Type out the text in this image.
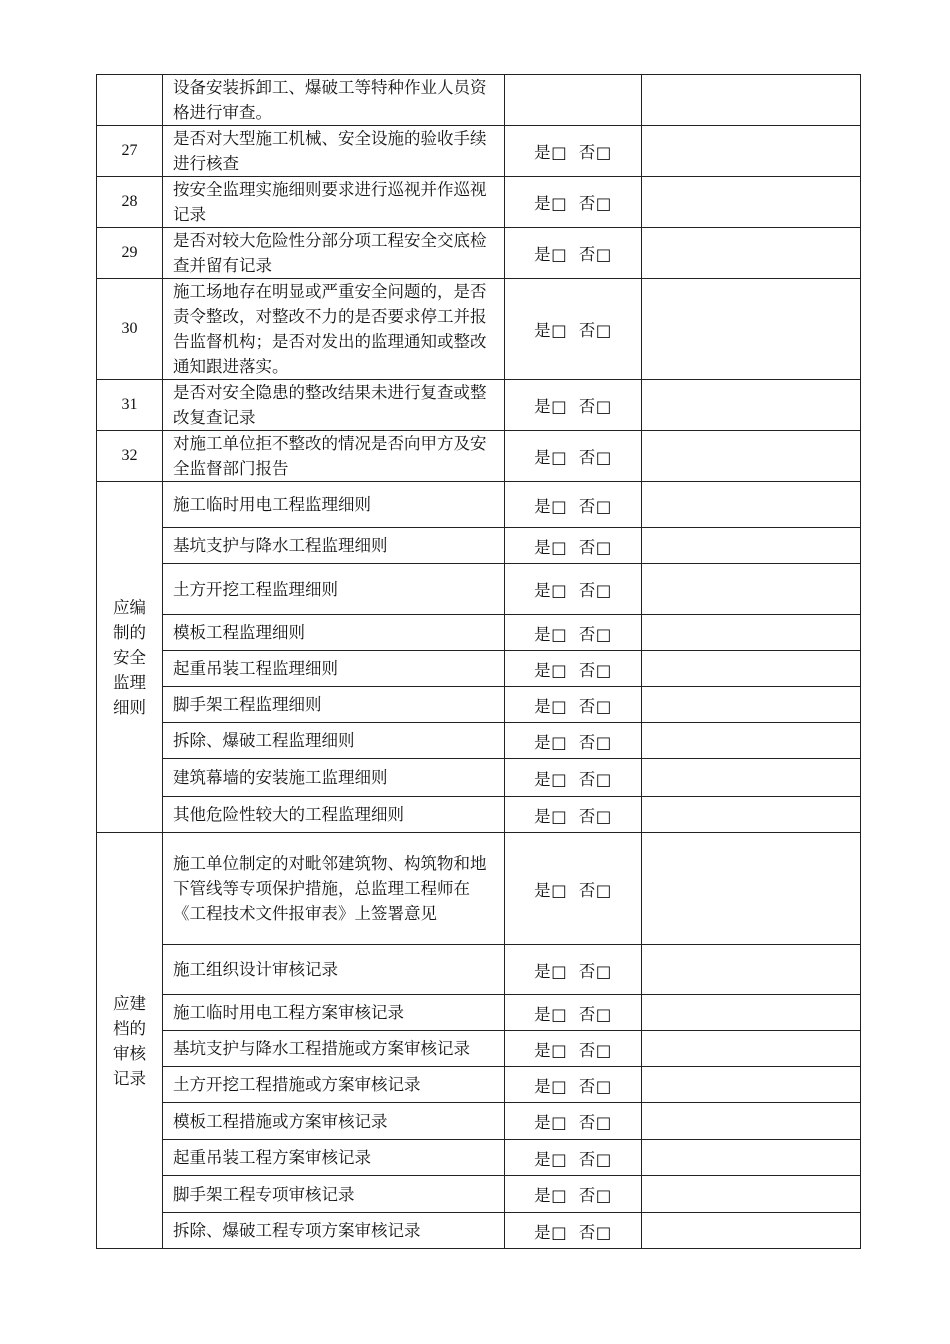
	设备安装拆卸工、爆破工等特种作业人员资格进行审查。		
27	是否对大型施工机械、安全设施的验收手续进行核查	是□ 否□	
28	按安全监理实施细则要求进行巡视并作巡视记录	是□ 否□	
29	是否对较大危险性分部分项工程安全交底检查并留有记录	是□ 否□	
30	施工场地存在明显或严重安全问题的，是否责令整改，对整改不力的是否要求停工并报告监督机构；是否对发出的监理通知或整改通知跟进落实。	是□ 否□	
31	是否对安全隐患的整改结果未进行复查或整改复查记录	是□ 否□	
32	对施工单位拒不整改的情况是否向甲方及安全监督部门报告	是□ 否□	
应编制的安全监理细则	施工临时用电工程监理细则	是□ 否□	
	基坑支护与降水工程监理细则	是□ 否□	
	土方开挖工程监理细则	是□ 否□	
	模板工程监理细则	是□ 否□	
	起重吊装工程监理细则	是□ 否□	
	脚手架工程监理细则	是□ 否□	
	拆除、爆破工程监理细则	是□ 否□	
	建筑幕墙的安装施工监理细则	是□ 否□	
	其他危险性较大的工程监理细则	是□ 否□	
应建档的审核记录	施工单位制定的对毗邻建筑物、构筑物和地下管线等专项保护措施，总监理工程师在《工程技术文件报审表》上签署意见	是□ 否□	
	施工组织设计审核记录	是□ 否□	
	施工临时用电工程方案审核记录	是□ 否□	
	基坑支护与降水工程措施或方案审核记录	是□ 否□	
	土方开挖工程措施或方案审核记录	是□ 否□	
	模板工程措施或方案审核记录	是□ 否□	
	起重吊装工程方案审核记录	是□ 否□	
	脚手架工程专项审核记录	是□ 否□	
	拆除、爆破工程专项方案审核记录	是□ 否□	
